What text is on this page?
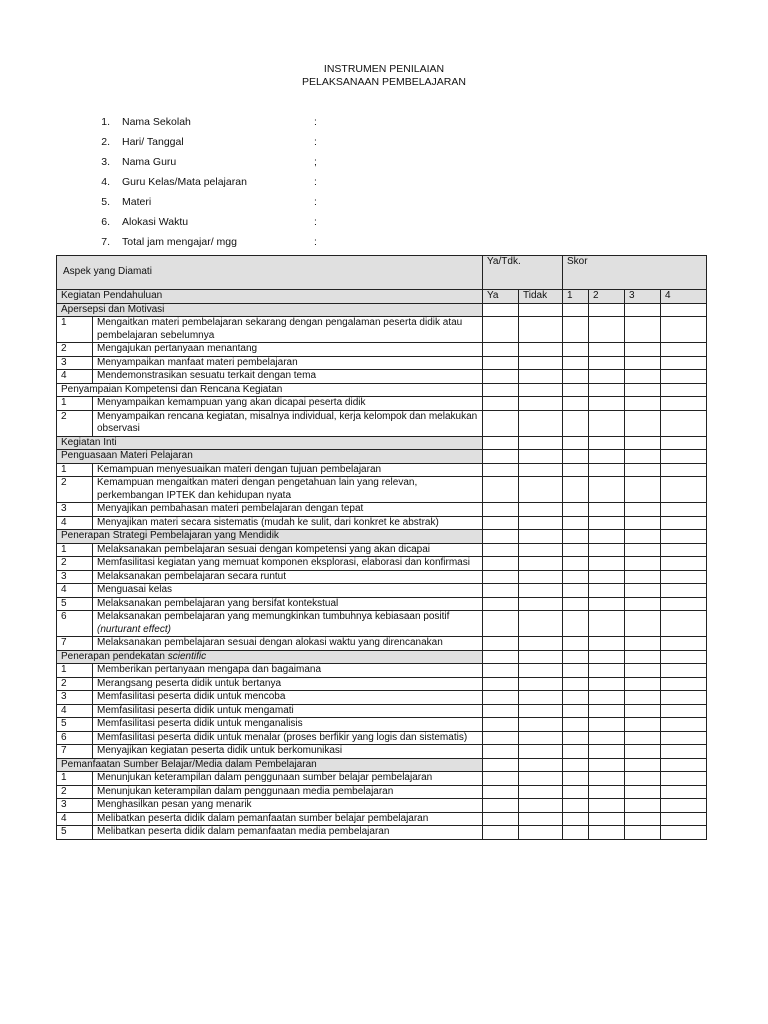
INSTRUMEN PENILAIAN
PELAKSANAAN PEMBELAJARAN
1. Nama Sekolah	:
2. Hari/ Tanggal	:
3. Nama Guru	;
4. Guru Kelas/Mata pelajaran	:
5. Materi	:
6. Alokasi Waktu	:
7. Total jam mengajar/ mgg	:
Aspek yang Diamati		Ya/Tdk.		Skor			
Kegiatan Pendahuluan		Ya	Tidak	1	2	3	4
Apersepsi dan Motivasi							
1	Mengaitkan materi pembelajaran sekarang dengan pengalaman peserta didik atau pembelajaran sebelumnya						
2	Mengajukan pertanyaan menantang						
3	Menyampaikan manfaat materi pembelajaran						
4	Mendemonstrasikan sesuatu terkait dengan tema						
Penyampaian Kompetensi dan Rencana Kegiatan							
1	Menyampaikan kemampuan yang akan dicapai peserta didik						
2	Menyampaikan rencana kegiatan, misalnya individual, kerja kelompok dan melakukan observasi						
Kegiatan Inti							
Penguasaan Materi Pelajaran							
1	Kemampuan menyesuaikan materi dengan tujuan pembelajaran						
2	Kemampuan mengaitkan materi dengan pengetahuan lain yang relevan, perkembangan IPTEK dan kehidupan nyata						
3	Menyajikan pembahasan materi pembelajaran dengan tepat						
4	Menyajikan materi secara sistematis (mudah ke sulit, dari konkret ke abstrak)						
Penerapan Strategi Pembelajaran yang Mendidik							
1	Melaksanakan pembelajaran sesuai dengan kompetensi yang akan dicapai						
2	Memfasilitasi kegiatan yang memuat komponen eksplorasi, elaborasi dan konfirmasi						
3	Melaksanakan pembelajaran secara runtut						
4	Menguasai kelas						
5	Melaksanakan pembelajaran yang bersifat kontekstual						
6	Melaksanakan pembelajaran yang memungkinkan tumbuhnya kebiasaan positif  (nurturant effect)						
7	Melaksanakan pembelajaran sesuai dengan alokasi waktu yang direncanakan						
Penerapan pendekatan scientific							
1	Memberikan pertanyaan mengapa dan bagaimana						
2	Merangsang peserta didik untuk bertanya						
3	Memfasilitasi peserta didik untuk mencoba						
4	Memfasilitasi peserta didik untuk mengamati						
5	Memfasilitasi peserta didik untuk menganalisis						
6	Memfasilitasi peserta didik untuk menalar (proses berfikir yang logis dan sistematis)						
7	Menyajikan kegiatan peserta didik untuk berkomunikasi						
Pemanfaatan Sumber Belajar/Media dalam Pembelajaran							
1	Menunjukan keterampilan dalam penggunaan sumber belajar pembelajaran						
2	Menunjukan keterampilan dalam penggunaan media pembelajaran						
3	Menghasilkan pesan yang menarik						
4	Melibatkan peserta didik dalam pemanfaatan sumber belajar pembelajaran						
5	Melibatkan peserta didik dalam pemanfaatan media pembelajaran						
